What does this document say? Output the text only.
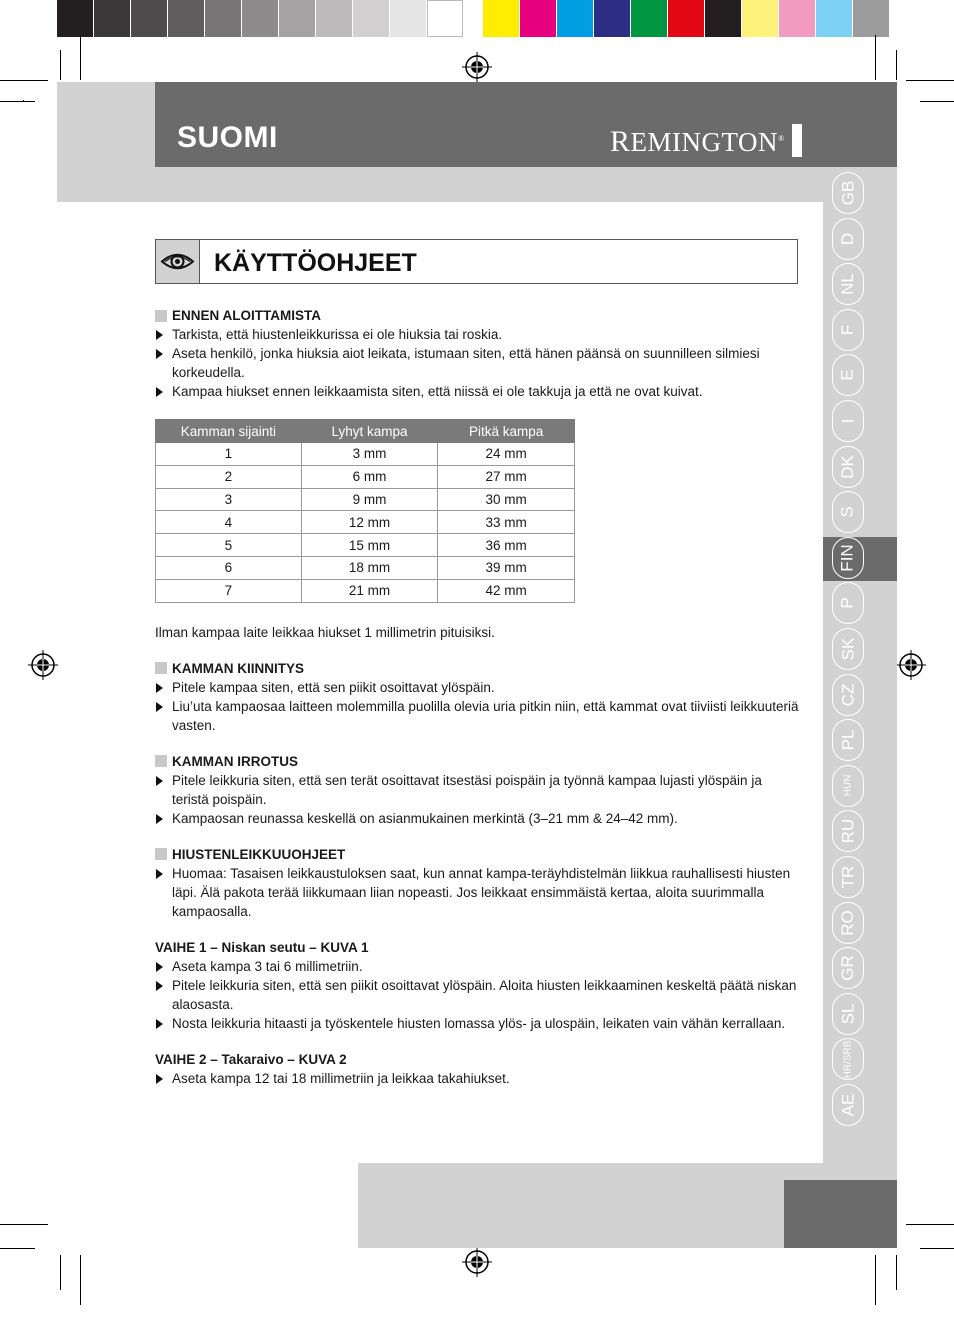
SUOMI	REMINGTON®
GB
D
NL
F
E
I
DK
S
FIN
P
SK
CZ
PL
HUN
RU
TR
RO
GR
SL
HR/SRB
AE
KÄYTTÖOHJEET
ENNEN ALOITTAMISTA
Tarkista, että hiustenleikkurissa ei ole hiuksia tai roskia.
Aseta henkilö, jonka hiuksia aiot leikata, istumaan siten, että hänen päänsä on suunnilleen silmiesi korkeudella.
Kampaa hiukset ennen leikkaamista siten, että niissä ei ole takkuja ja että ne ovat kuivat.
Kamman sijainti	Lyhyt kampa	Pitkä kampa
1	3 mm	24 mm
2	6 mm	27 mm
3	9 mm	30 mm
4	12 mm	33 mm
5	15 mm	36 mm
6	18 mm	39 mm
7	21 mm	42 mm
Ilman kampaa laite leikkaa hiukset 1 millimetrin pituisiksi.
KAMMAN KIINNITYS
Pitele kampaa siten, että sen piikit osoittavat ylöspäin.
Liu’uta kampaosaa laitteen molemmilla puolilla olevia uria pitkin niin, että kammat ovat tiiviisti leikkuuteriä vasten.
KAMMAN IRROTUS
Pitele leikkuria siten, että sen terät osoittavat itsestäsi poispäin ja työnnä kampaa lujasti ylöspäin ja teristä poispäin.
Kampaosan reunassa keskellä on asianmukainen merkintä (3–21 mm & 24–42 mm).
HIUSTENLEIKKUUOHJEET
Huomaa: Tasaisen leikkaustuloksen saat, kun annat kampa-teräyhdistelmän liikkua rauhallisesti hiusten läpi. Älä pakota terää liikkumaan liian nopeasti. Jos leikkaat ensimmäistä kertaa, aloita suurimmalla kampaosalla.
VAIHE 1 – Niskan seutu – KUVA 1
Aseta kampa 3 tai 6 millimetriin.
Pitele leikkuria siten, että sen piikit osoittavat ylöspäin. Aloita hiusten leikkaaminen keskeltä päätä niskan alaosasta.
Nosta leikkuria hitaasti ja työskentele hiusten lomassa ylös- ja ulospäin, leikaten vain vähän kerrallaan.
VAIHE 2 – Takaraivo – KUVA 2
Aseta kampa 12 tai 18 millimetriin ja leikkaa takahiukset.
